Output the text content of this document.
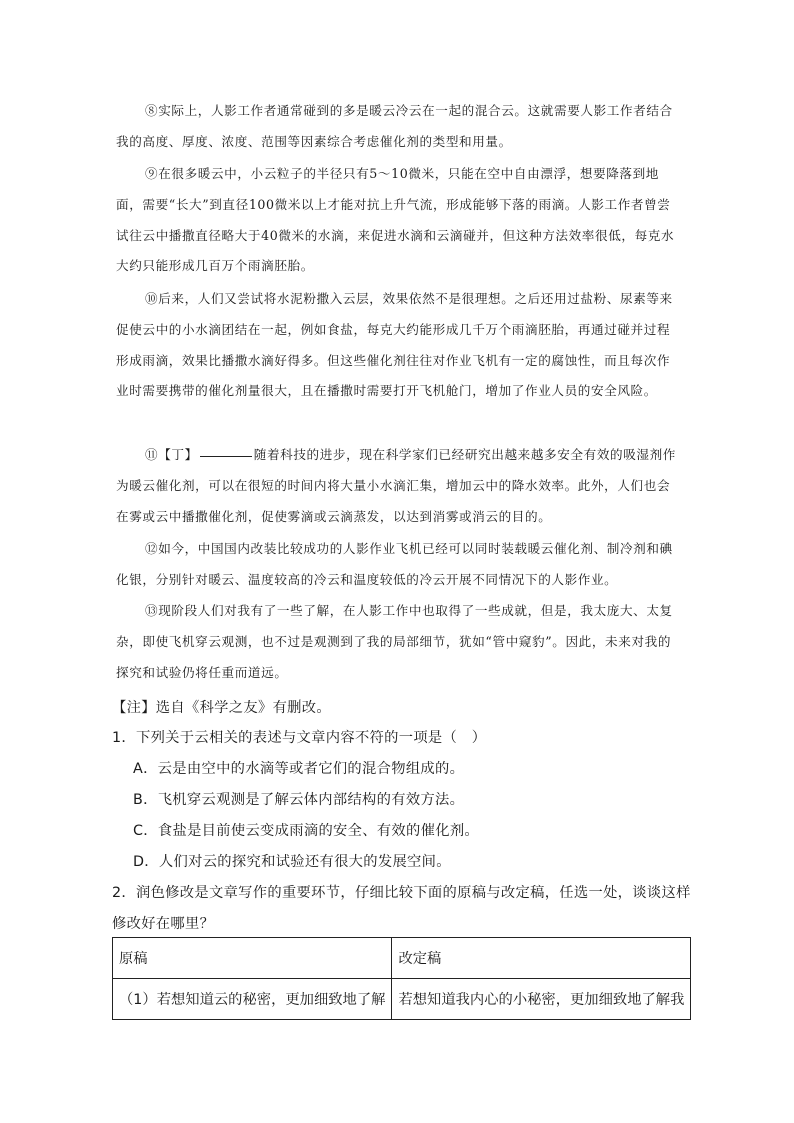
⑧实际上，人影工作者通常碰到的多是暖云冷云在一起的混合云。这就需要人影工作者结合我的高度、厚度、浓度、范围等因素综合考虑催化剂的类型和用量。
⑨在很多暖云中，小云粒子的半径只有5～10微米，只能在空中自由漂浮，想要降落到地面，需要“长大”到直径100微米以上才能对抗上升气流，形成能够下落的雨滴。人影工作者曾尝试往云中播撒直径略大于40微米的水滴，来促进水滴和云滴碰并，但这种方法效率很低，每克水大约只能形成几百万个雨滴胚胎。
⑩后来，人们又尝试将水泥粉撒入云层，效果依然不是很理想。之后还用过盐粉、尿素等来促使云中的小水滴团结在一起，例如食盐，每克大约能形成几千万个雨滴胚胎，再通过碰并过程形成雨滴，效果比播撒水滴好得多。但这些催化剂往往对作业飞机有一定的腐蚀性，而且每次作业时需要携带的催化剂量很大，且在播撒时需要打开飞机舱门，增加了作业人员的安全风险。
⑪【丁】	随着科技的进步，现在科学家们已经研究出越来越多安全有效的吸湿剂作为暖云催化剂，可以在很短的时间内将大量小水滴汇集，增加云中的降水效率。此外，人们也会在雾或云中播撒催化剂，促使雾滴或云滴蒸发，以达到消雾或消云的目的。
⑫如今，中国国内改装比较成功的人影作业飞机已经可以同时装载暖云催化剂、制冷剂和碘化银，分别针对暖云、温度较高的冷云和温度较低的冷云开展不同情况下的人影作业。
⑬现阶段人们对我有了一些了解，在人影工作中也取得了一些成就，但是，我太庞大、太复杂，即使飞机穿云观测，也不过是观测到了我的局部细节，犹如“管中窥豹”。因此，未来对我的探究和试验仍将任重而道远。
【注】选自《科学之友》有删改。
1．下列关于云相关的表述与文章内容不符的一项是（　）
A．云是由空中的水滴等或者它们的混合物组成的。
B．飞机穿云观测是了解云体内部结构的有效方法。
C．食盐是目前使云变成雨滴的安全、有效的催化剂。
D．人们对云的探究和试验还有很大的发展空间。
2．润色修改是文章写作的重要环节，仔细比较下面的原稿与改定稿，任选一处，谈谈这样
修改好在哪里？
原稿	改定稿
（1）若想知道云的秘密，更加细致地了解	若想知道我内心的小秘密，更加细致地了解我
